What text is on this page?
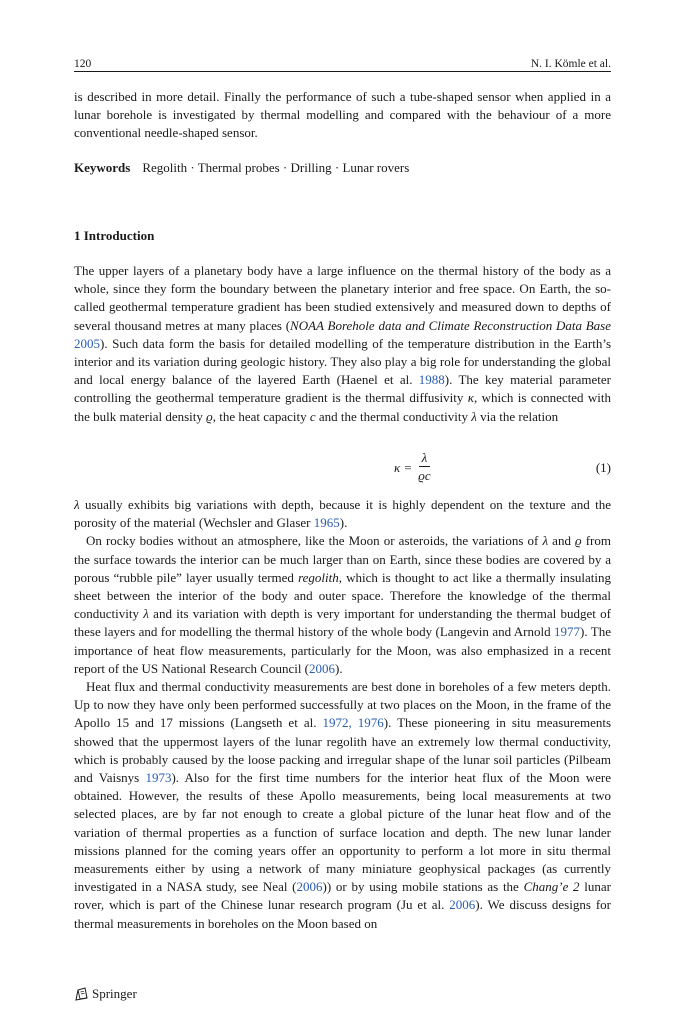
120	N. I. Kömle et al.

is described in more detail. Finally the performance of such a tube-shaped sensor when applied in a lunar borehole is investigated by thermal modelling and compared with the behaviour of a more conventional needle-shaped sensor.

Keywords Regolith · Thermal probes · Drilling · Lunar rovers
1 Introduction

The upper layers of a planetary body have a large influence on the thermal history of the body as a whole, since they form the boundary between the planetary interior and free space. On Earth, the so-called geothermal temperature gradient has been studied extensively and measured down to depths of several thousand metres at many places (NOAA Borehole data and Climate Reconstruction Data Base 2005). Such data form the basis for detailed modelling of the temperature distribution in the Earth’s interior and its variation during geologic history. They also play a big role for understanding the global and local energy balance of the layered Earth (Haenel et al. 1988). The key material parameter controlling the geothermal temperature gradient is the thermal diffusivity κ, which is connected with the bulk material density ϱ, the heat capacity c and the thermal conductivity λ via the relation

$\kappa = \frac{\lambda}{ϱc}$	(1)

λ usually exhibits big variations with depth, because it is highly dependent on the texture and the porosity of the material (Wechsler and Glaser 1965).

On rocky bodies without an atmosphere, like the Moon or asteroids, the variations of λ and ϱ from the surface towards the interior can be much larger than on Earth, since these bodies are covered by a porous “rubble pile” layer usually termed regolith, which is thought to act like a thermally insulating sheet between the interior of the body and outer space. Therefore the knowledge of the thermal conductivity λ and its variation with depth is very important for understanding the thermal budget of these layers and for modelling the thermal history of the whole body (Langevin and Arnold 1977). The importance of heat flow measurements, particularly for the Moon, was also emphasized in a recent report of the US National Research Council (2006).

Heat flux and thermal conductivity measurements are best done in boreholes of a few meters depth. Up to now they have only been performed successfully at two places on the Moon, in the frame of the Apollo 15 and 17 missions (Langseth et al. 1972, 1976). These pioneering in situ measurements showed that the uppermost layers of the lunar regolith have an extremely low thermal conductivity, which is probably caused by the loose packing and irregular shape of the lunar soil particles (Pilbeam and Vaisnys 1973). Also for the first time numbers for the interior heat flux of the Moon were obtained. However, the results of these Apollo measurements, being local measurements at two selected places, are by far not enough to create a global picture of the lunar heat flow and of the variation of thermal properties as a function of surface location and depth. The new lunar lander missions planned for the coming years offer an opportunity to perform a lot more in situ thermal measurements either by using a network of many miniature geophysical packages (as currently investigated in a NASA study, see Neal (2006)) or by using mobile stations as the Chang’e 2 lunar rover, which is part of the Chinese lunar research program (Ju et al. 2006). We discuss designs for thermal measurements in boreholes on the Moon based on

Springer
